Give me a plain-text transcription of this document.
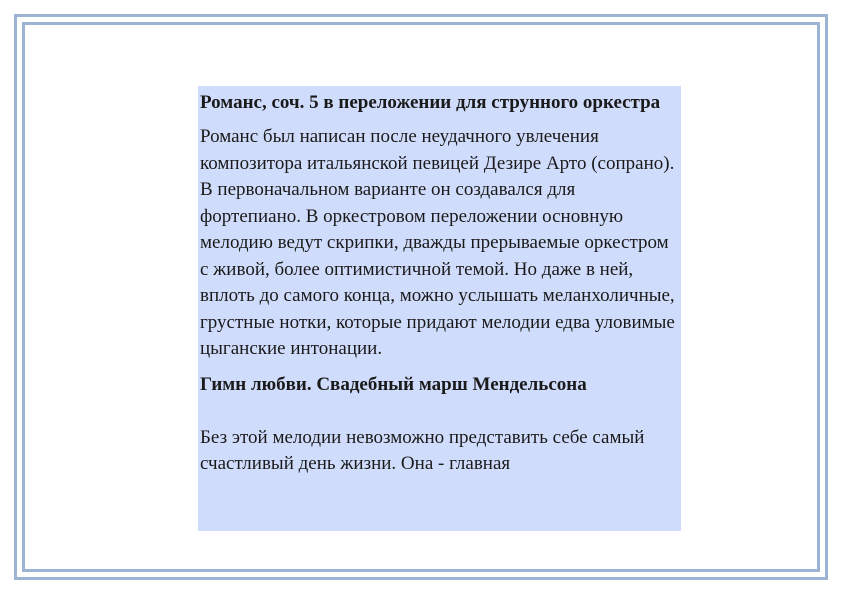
Романс, соч. 5 в переложении для струнного оркестра

Романс был написан после неудачного увлечения композитора итальянской певицей Дезире Арто (сопрано). В первоначальном варианте он создавался для фортепиано. В оркестровом переложении основную мелодию ведут скрипки, дважды прерываемые оркестром с живой, более оптимистичной темой. Но даже в ней, вплоть до самого конца, можно услышать меланхоличные, грустные нотки, которые придают мелодии едва уловимые цыганские интонации.

Гимн любви. Свадебный марш Мендельсона

Без этой мелодии невозможно представить себе самый счастливый день жизни. Она - главная
